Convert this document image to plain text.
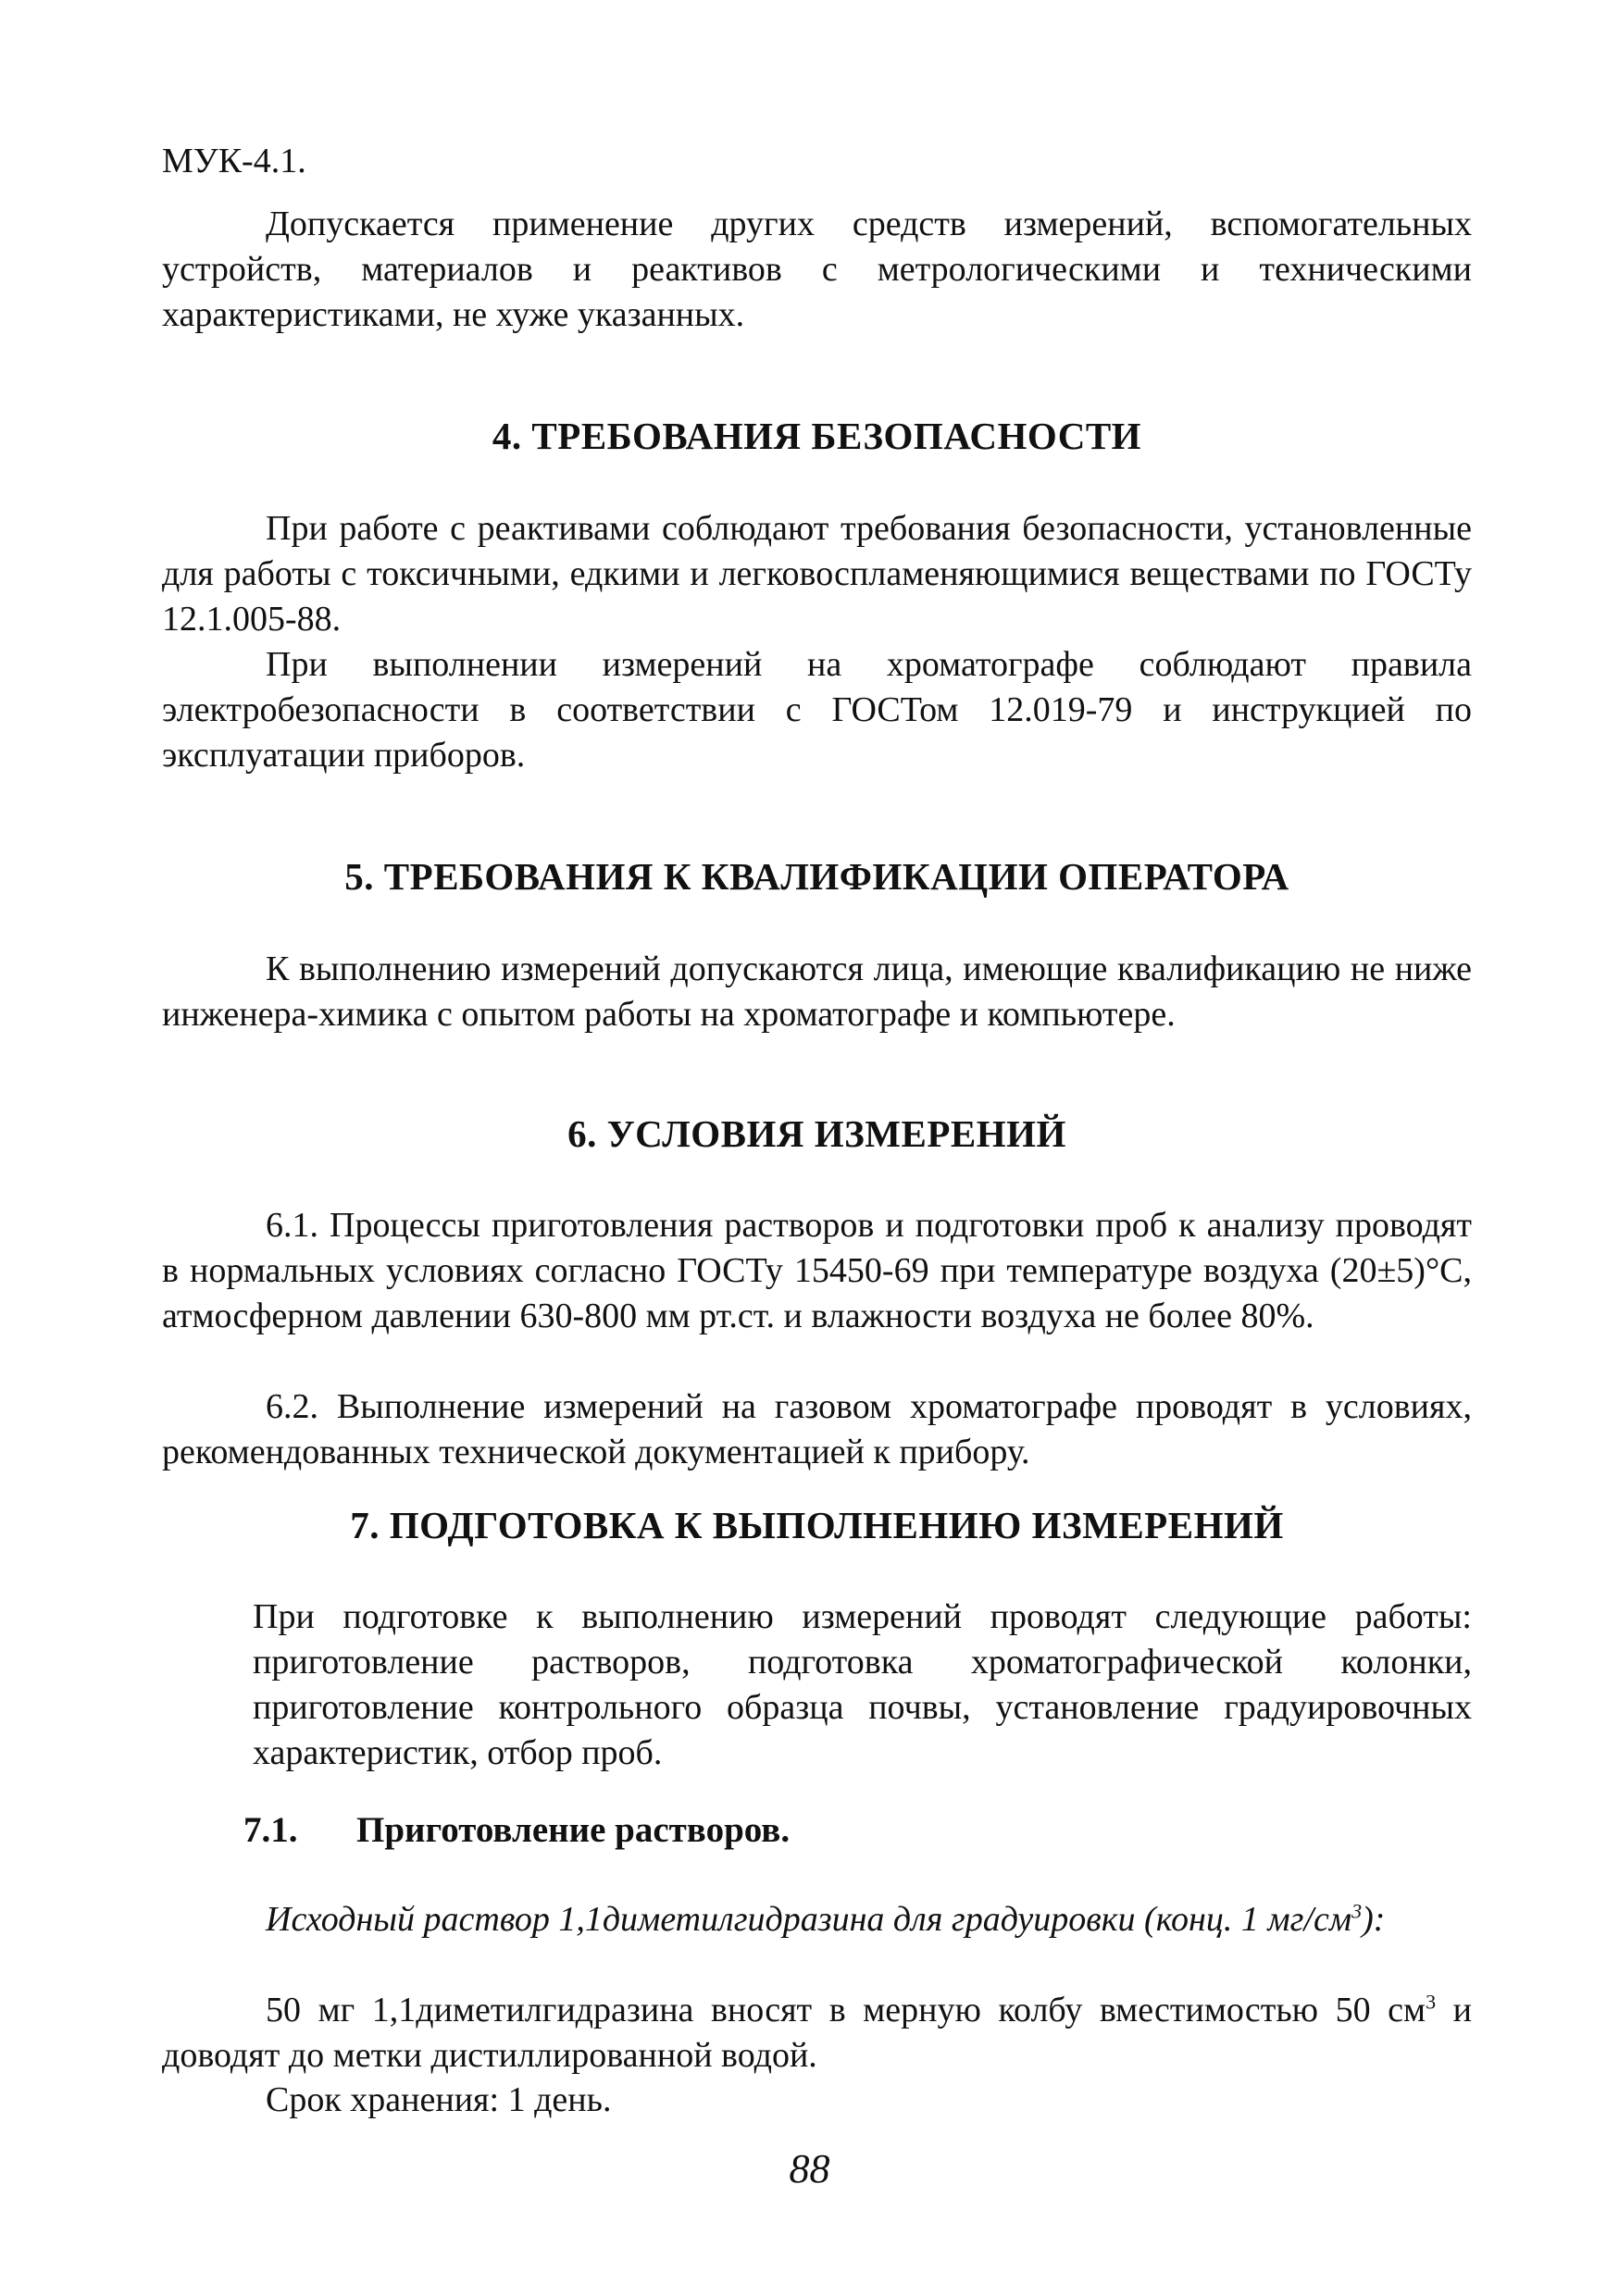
МУК-4.1.

Допускается применение других средств измерений, вспомогательных устройств, материалов и реактивов с метрологическими и техническими характеристиками, не хуже указанных.

4. ТРЕБОВАНИЯ БЕЗОПАСНОСТИ

При работе с реактивами соблюдают требования безопасности, установленные для работы с токсичными, едкими и легковоспламеняющимися веществами по ГОСТу 12.1.005-88.

При выполнении измерений на хроматографе соблюдают правила электробезопасности в соответствии с ГОСТом 12.019-79 и инструкцией по эксплуатации приборов.

5. ТРЕБОВАНИЯ К КВАЛИФИКАЦИИ ОПЕРАТОРА

К выполнению измерений допускаются лица, имеющие квалификацию не ниже инженера-химика с опытом работы на хроматографе и компьютере.

6. УСЛОВИЯ ИЗМЕРЕНИЙ

6.1. Процессы приготовления растворов и подготовки проб к анализу проводят в нормальных условиях согласно ГОСТу 15450-69 при температуре воздуха (20±5)°С, атмосферном давлении 630-800 мм рт.ст. и влажности воздуха не более 80%.

6.2. Выполнение измерений на газовом хроматографе проводят в условиях, рекомендованных технической документацией к прибору.

7. ПОДГОТОВКА К ВЫПОЛНЕНИЮ ИЗМЕРЕНИЙ

При подготовке к выполнению измерений проводят следующие работы: приготовление растворов, подготовка хроматографической колонки, приготовление контрольного образца почвы, установление градуировочных характеристик, отбор проб.

7.1. Приготовление растворов.

Исходный раствор 1,1диметилгидразина для градуировки (конц. 1 $мг/см^3$):

50 мг 1,1диметилгидразина вносят в мерную колбу вместимостью 50 $см^3$ и доводят до метки дистиллированной водой.

Срок хранения: 1 день.

88
